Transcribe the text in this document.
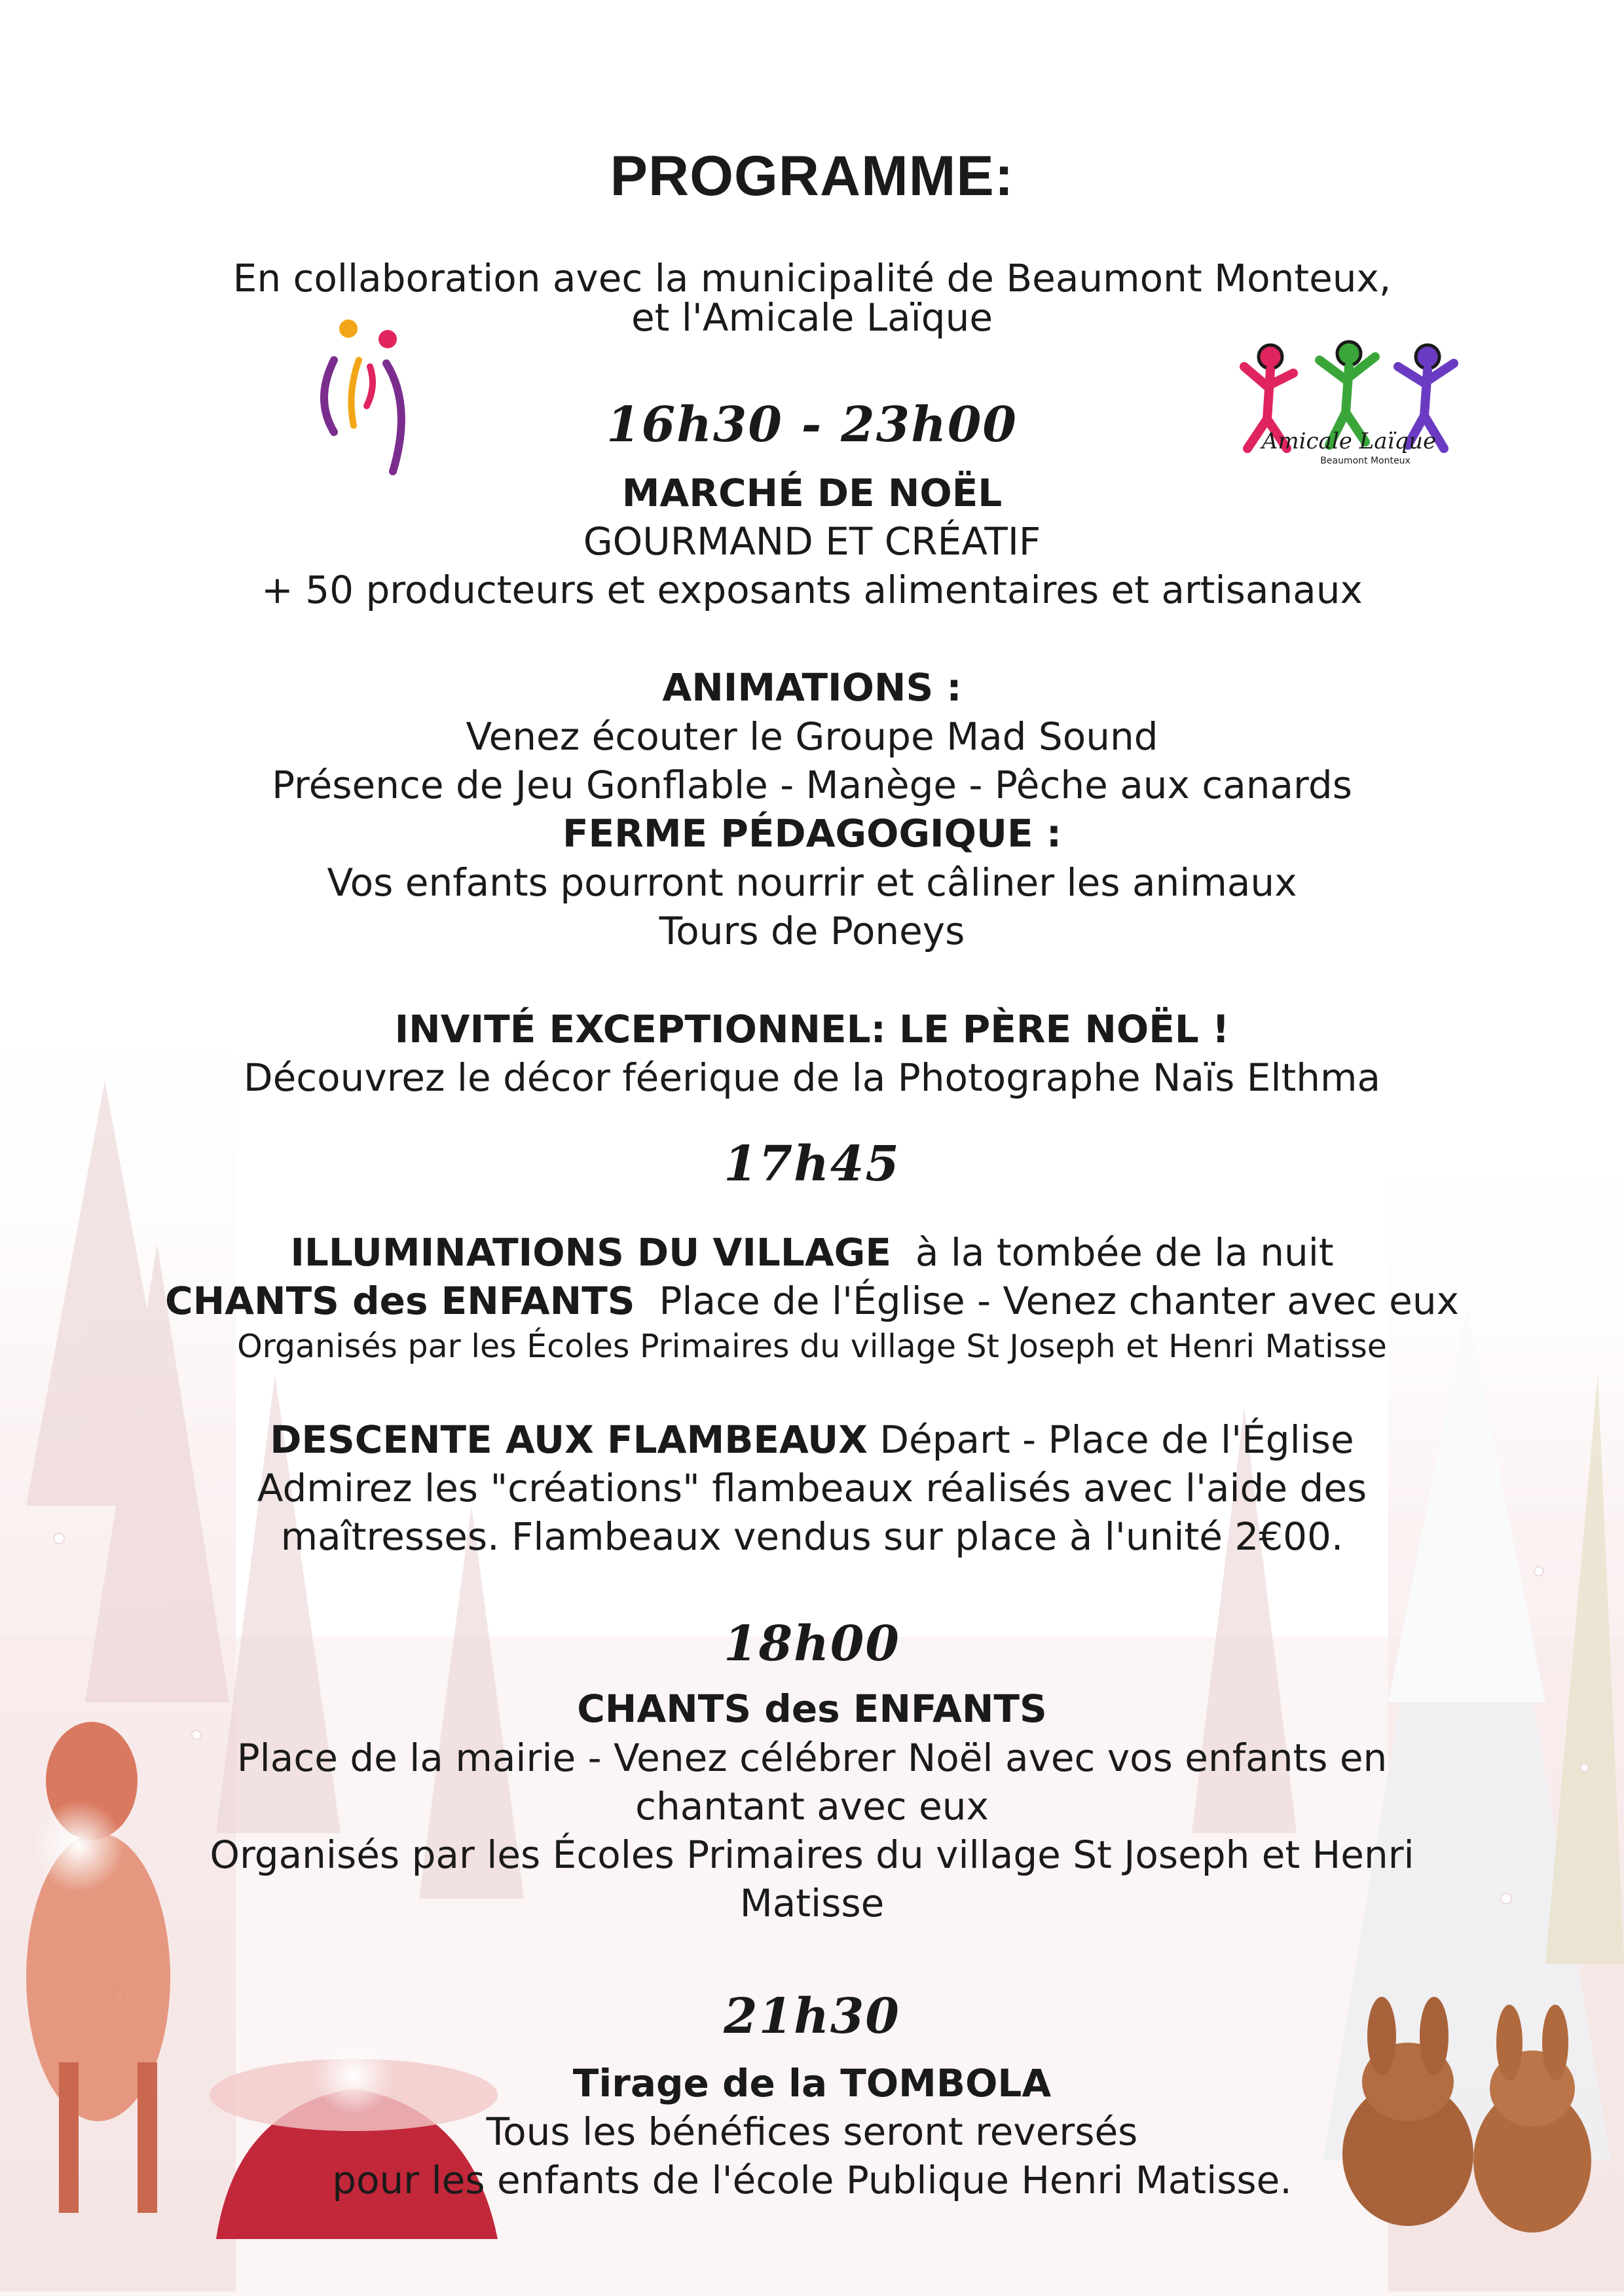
Amicale Laïque
Beaumont Monteux
PROGRAMME:
En collaboration avec la municipalité de Beaumont Monteux,
et l'Amicale Laïque
16h30 - 23h00
MARCHÉ DE NOËL
GOURMAND ET CRÉATIF
+ 50 producteurs et exposants alimentaires et artisanaux
ANIMATIONS :
Venez écouter le Groupe Mad Sound
Présence de Jeu Gonflable - Manège - Pêche aux canards
FERME PÉDAGOGIQUE :
Vos enfants pourront nourrir et câliner les animaux
Tours de Poneys
INVITÉ EXCEPTIONNEL: LE PÈRE NOËL !
Découvrez le décor féerique de la Photographe Naïs Elthma
17h45
ILLUMINATIONS DU VILLAGE à la tombée de la nuit
CHANTS des ENFANTS Place de l'Église - Venez chanter avec eux
Organisés par les Écoles Primaires du village St Joseph et Henri Matisse
DESCENTE AUX FLAMBEAUX Départ - Place de l'Église
Admirez les "créations" flambeaux réalisés avec l'aide des
maîtresses. Flambeaux vendus sur place à l'unité 2€00.
18h00
CHANTS des ENFANTS
Place de la mairie - Venez célébrer Noël avec vos enfants en
chantant avec eux
Organisés par les Écoles Primaires du village St Joseph et Henri
Matisse
21h30
Tirage de la TOMBOLA
Tous les bénéfices seront reversés
pour les enfants de l'école Publique Henri Matisse.
